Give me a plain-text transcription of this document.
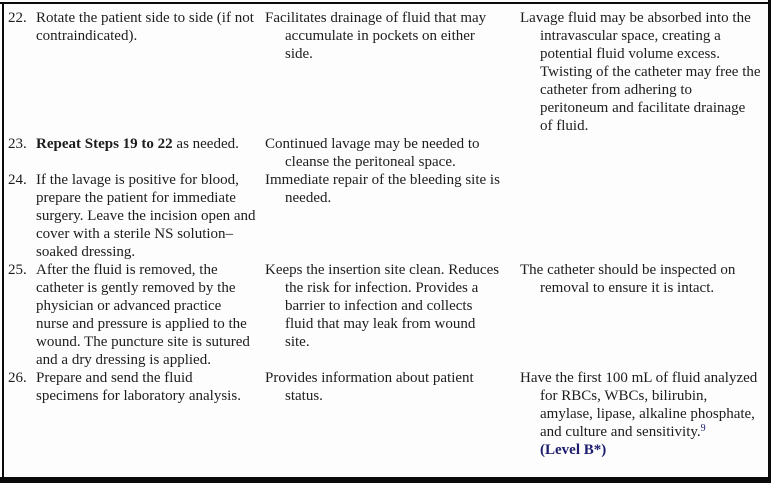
22. Rotate the patient side to side (if not contraindicated).
Facilitates drainage of fluid that may accumulate in pockets on either side.
Lavage fluid may be absorbed into the intravascular space, creating a potential fluid volume excess. Twisting of the catheter may free the catheter from adhering to peritoneum and facilitate drainage of fluid.
23. Repeat Steps 19 to 22 as needed.	Continued lavage may be needed to cleanse the peritoneal space.
24. If the lavage is positive for blood, prepare the patient for immediate surgery. Leave the incision open and cover with a sterile NS solution–soaked dressing.
Immediate repair of the bleeding site is needed.
25. After the fluid is removed, the catheter is gently removed by the physician or advanced practice nurse and pressure is applied to the wound. The puncture site is sutured and a dry dressing is applied.
Keeps the insertion site clean. Reduces the risk for infection. Provides a barrier to infection and collects fluid that may leak from wound site.
The catheter should be inspected on removal to ensure it is intact.
26. Prepare and send the fluid specimens for laboratory analysis.
Provides information about patient status.
Have the first 100 mL of fluid analyzed for RBCs, WBCs, bilirubin, amylase, lipase, alkaline phosphate, and culture and sensitivity.$^9$
(Level B*)
